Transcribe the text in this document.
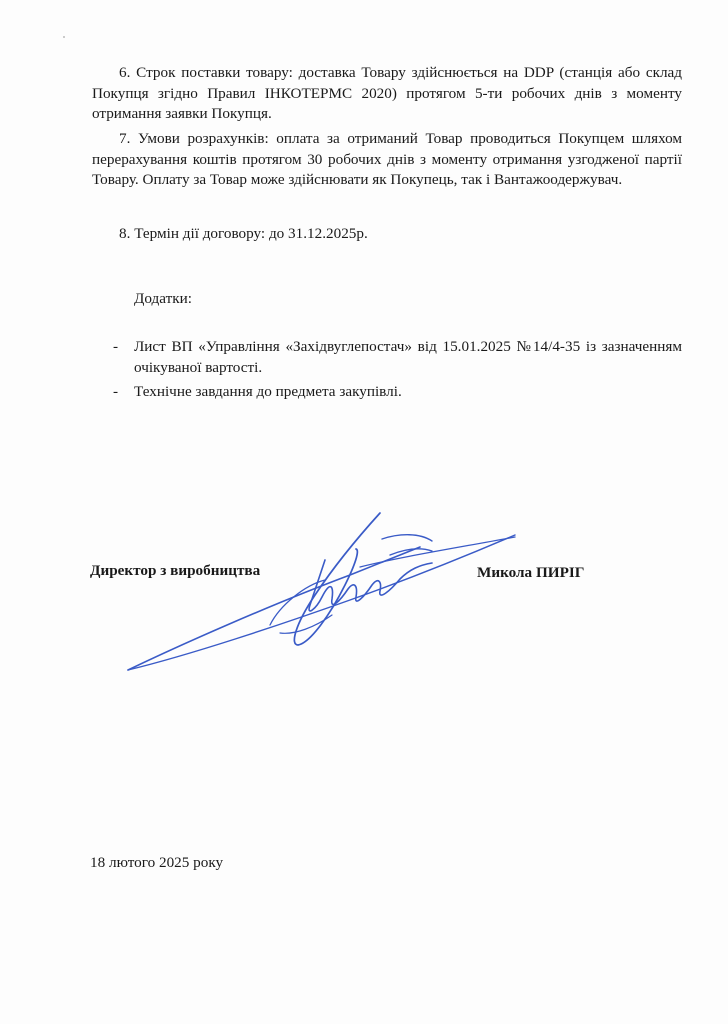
6. Строк поставки товару: доставка Товару здійснюється на DDP (станція або склад Покупця згідно Правил ІНКОТЕРМС 2020) протягом 5-ти робочих днів з моменту отримання заявки Покупця.

7. Умови розрахунків: оплата за отриманий Товар проводиться Покупцем шляхом перерахування коштів протягом 30 робочих днів з моменту отримання узгодженої партії Товару. Оплату за Товар може здійснювати як Покупець, так і Вантажоодержувач.

8. Термін дії договору: до 31.12.2025р.

Додатки:

- Лист ВП «Управління «Західвуглепостач» від 15.01.2025 №14/4-35 із зазначенням очікуваної вартості.
- Технічне завдання до предмета закупівлі.

Директор з виробництва	Микола ПИРІГ

18 лютого 2025 року
